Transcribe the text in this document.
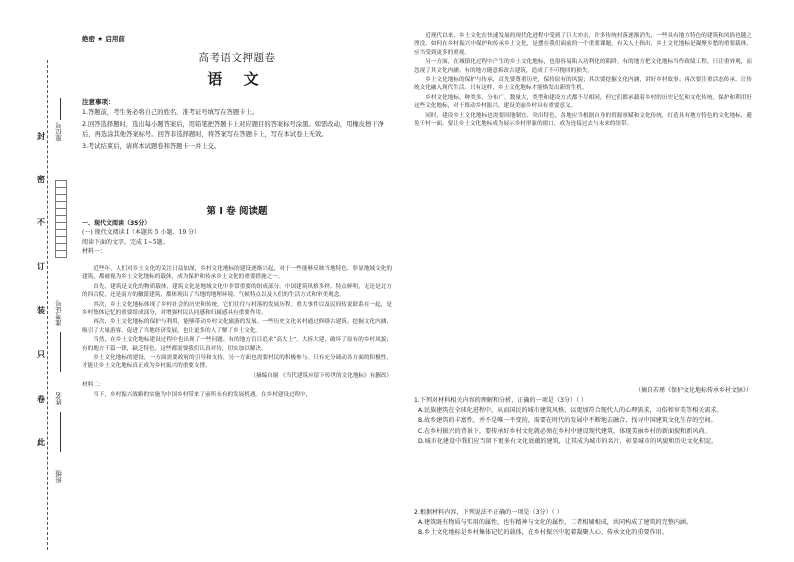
封
密
不
订
装
只
卷
此
座位号
准考证号
姓名
班级
绝密 ★ 启用前
高考语文押题卷
语 文
注意事项：

1.答题前，考生务必将自己的姓名、准考证号填写在答题卡上。

2.回答选择题时，选出每小题答案后，用铅笔把答题卡上对应题目的答案标号涂黑。如需改动，用橡皮擦干净后，再选涂其他答案标号。回答非选择题时，将答案写在答题卡上，写在本试卷上无效。

3.考试结束后，请将本试题卷和答题卡一并上交。

第 I 卷 阅读题

一、现代文阅读（35分）

(一) 现代文阅读 I（本题共 5 小题，19 分）

阅读下面的文字，完成 1~5题。

材料一：

近些年，人们对乡土文化的关注日益加深，乡村文化地标的建设逐渐兴起，对于一些能够反映当地特色、彰显地域文化的建筑，都被视为乡土文化地标的载体，成为保护和传承乡土文化的重要措施之一。

首先，建筑是文化的物质载体，建筑文化是地域文化中非常重要的组成部分。中国建筑风格多样、特点鲜明，无论是北方的四合院，还是南方的徽派建筑，都体现出了当地的地理环境、气候特点以及人们的生活方式和审美观念。

其次，乡土文化地标体现了乡村社会的历史和传统。它们往往与村落的发展历程、重大事件以及民间传说联系在一起，是乡村集体记忆的重要组成部分，对增强村民认同感和归属感具有重要作用。

再次，乡土文化地标的保护与利用，能够带动乡村文化旅游的发展。一些历史文化名村通过修缮古建筑、挖掘文化内涵，吸引了大量游客，促进了当地经济发展，也让更多的人了解了乡土文化。

当然，在乡土文化地标建设过程中也出现了一些问题。有的地方盲目追求“高大上”，大拆大建，破坏了原有的乡村风貌；有的地方千篇一律，缺乏特色。这些都需要我们认真对待，切实加以解决。

乡土文化地标的建设，一方面需要政府的引导和支持，另一方面也需要村民的积极参与。只有充分调动各方面的积极性，才能让乡土文化地标真正成为乡村振兴的重要支撑。

（摘编自谢 《当代建筑应留下传世的文化地标》有删改）

材料二：

当下，乡村振兴战略的实施为中国乡村带来了前所未有的发展机遇。在乡村建设过程中，

近现代以来，乡土文化在快速发展的现代化进程中受到了巨大冲击，许多传统村落逐渐消失，一些具有地方特色的建筑和风俗也随之湮没。如何在乡村振兴中保护和传承乡土文化，是摆在我们面前的一个重要课题。有关人士指出，乡土文化地标是凝聚乡愁的重要载体，应当受到更多的重视。

另一方面，在城镇化过程中产生的乡土文化地标，也很容易陷入功利化的陷阱。有的地方把文化地标当作政绩工程，只注重外观，而忽视了其文化内涵；有的地方随意拆改古建筑，造成了不可挽回的损失。

乡土文化地标的保护与传承，首先要尊重历史，保持原有的风貌；其次要挖掘文化内涵，讲好乡村故事；再次要注重活态传承，让传统文化融入现代生活。只有这样，乡土文化地标才能焕发出新的生机。

乡村文化地标，种类多，分布广，数量大，类型和建设方式都不尽相同，但它们都承载着乡村的历史记忆和文化传统。保护和利用好这些文化地标，对于推动乡村振兴、建设美丽乡村具有重要意义。

同时，建设乡土文化地标也需要因地制宜、突出特色。各地应当根据自身的资源禀赋和文化传统，打造具有地方特色的文化地标，避免千村一面。要让乡土文化地标成为展示乡村形象的窗口，成为连接过去与未来的纽带。

（摘自若瑾《保护文化地标传承乡村文脉》）

1.下列对材料相关内容的理解和分析，正确的一项是（3分）（ ）

A.民族建筑在全球化进程中，从而国民的城市建筑风格，以更加符合现代人的心理需求，习俗和审美等相关需求。

B.故乡建筑的丰富性，并不是唯一不变的，需要在时代的发展中不断地去融合，找寻中国建筑文化生存的空间。

C.在乡村振兴的背景下，要传承好乡村文化就必须在乡村中建设现代建筑，体现美丽乡村的新面貌和新风尚。

D.城市化建设中我们应当留下更多有文化底蕴的建筑，让其成为城市的名片，彰显城市的风貌和历史文化积淀。

2.根据材料内容，下列说法不正确的一项是（3分）（ ）

A.建筑既有物质与实用的属性，也有精神与文化的属性，二者相辅相成，共同构成了建筑的完整内涵。

B.乡土文化地标是乡村集体记忆的载体，在乡村振兴中起着凝聚人心、传承文化的重要作用。
